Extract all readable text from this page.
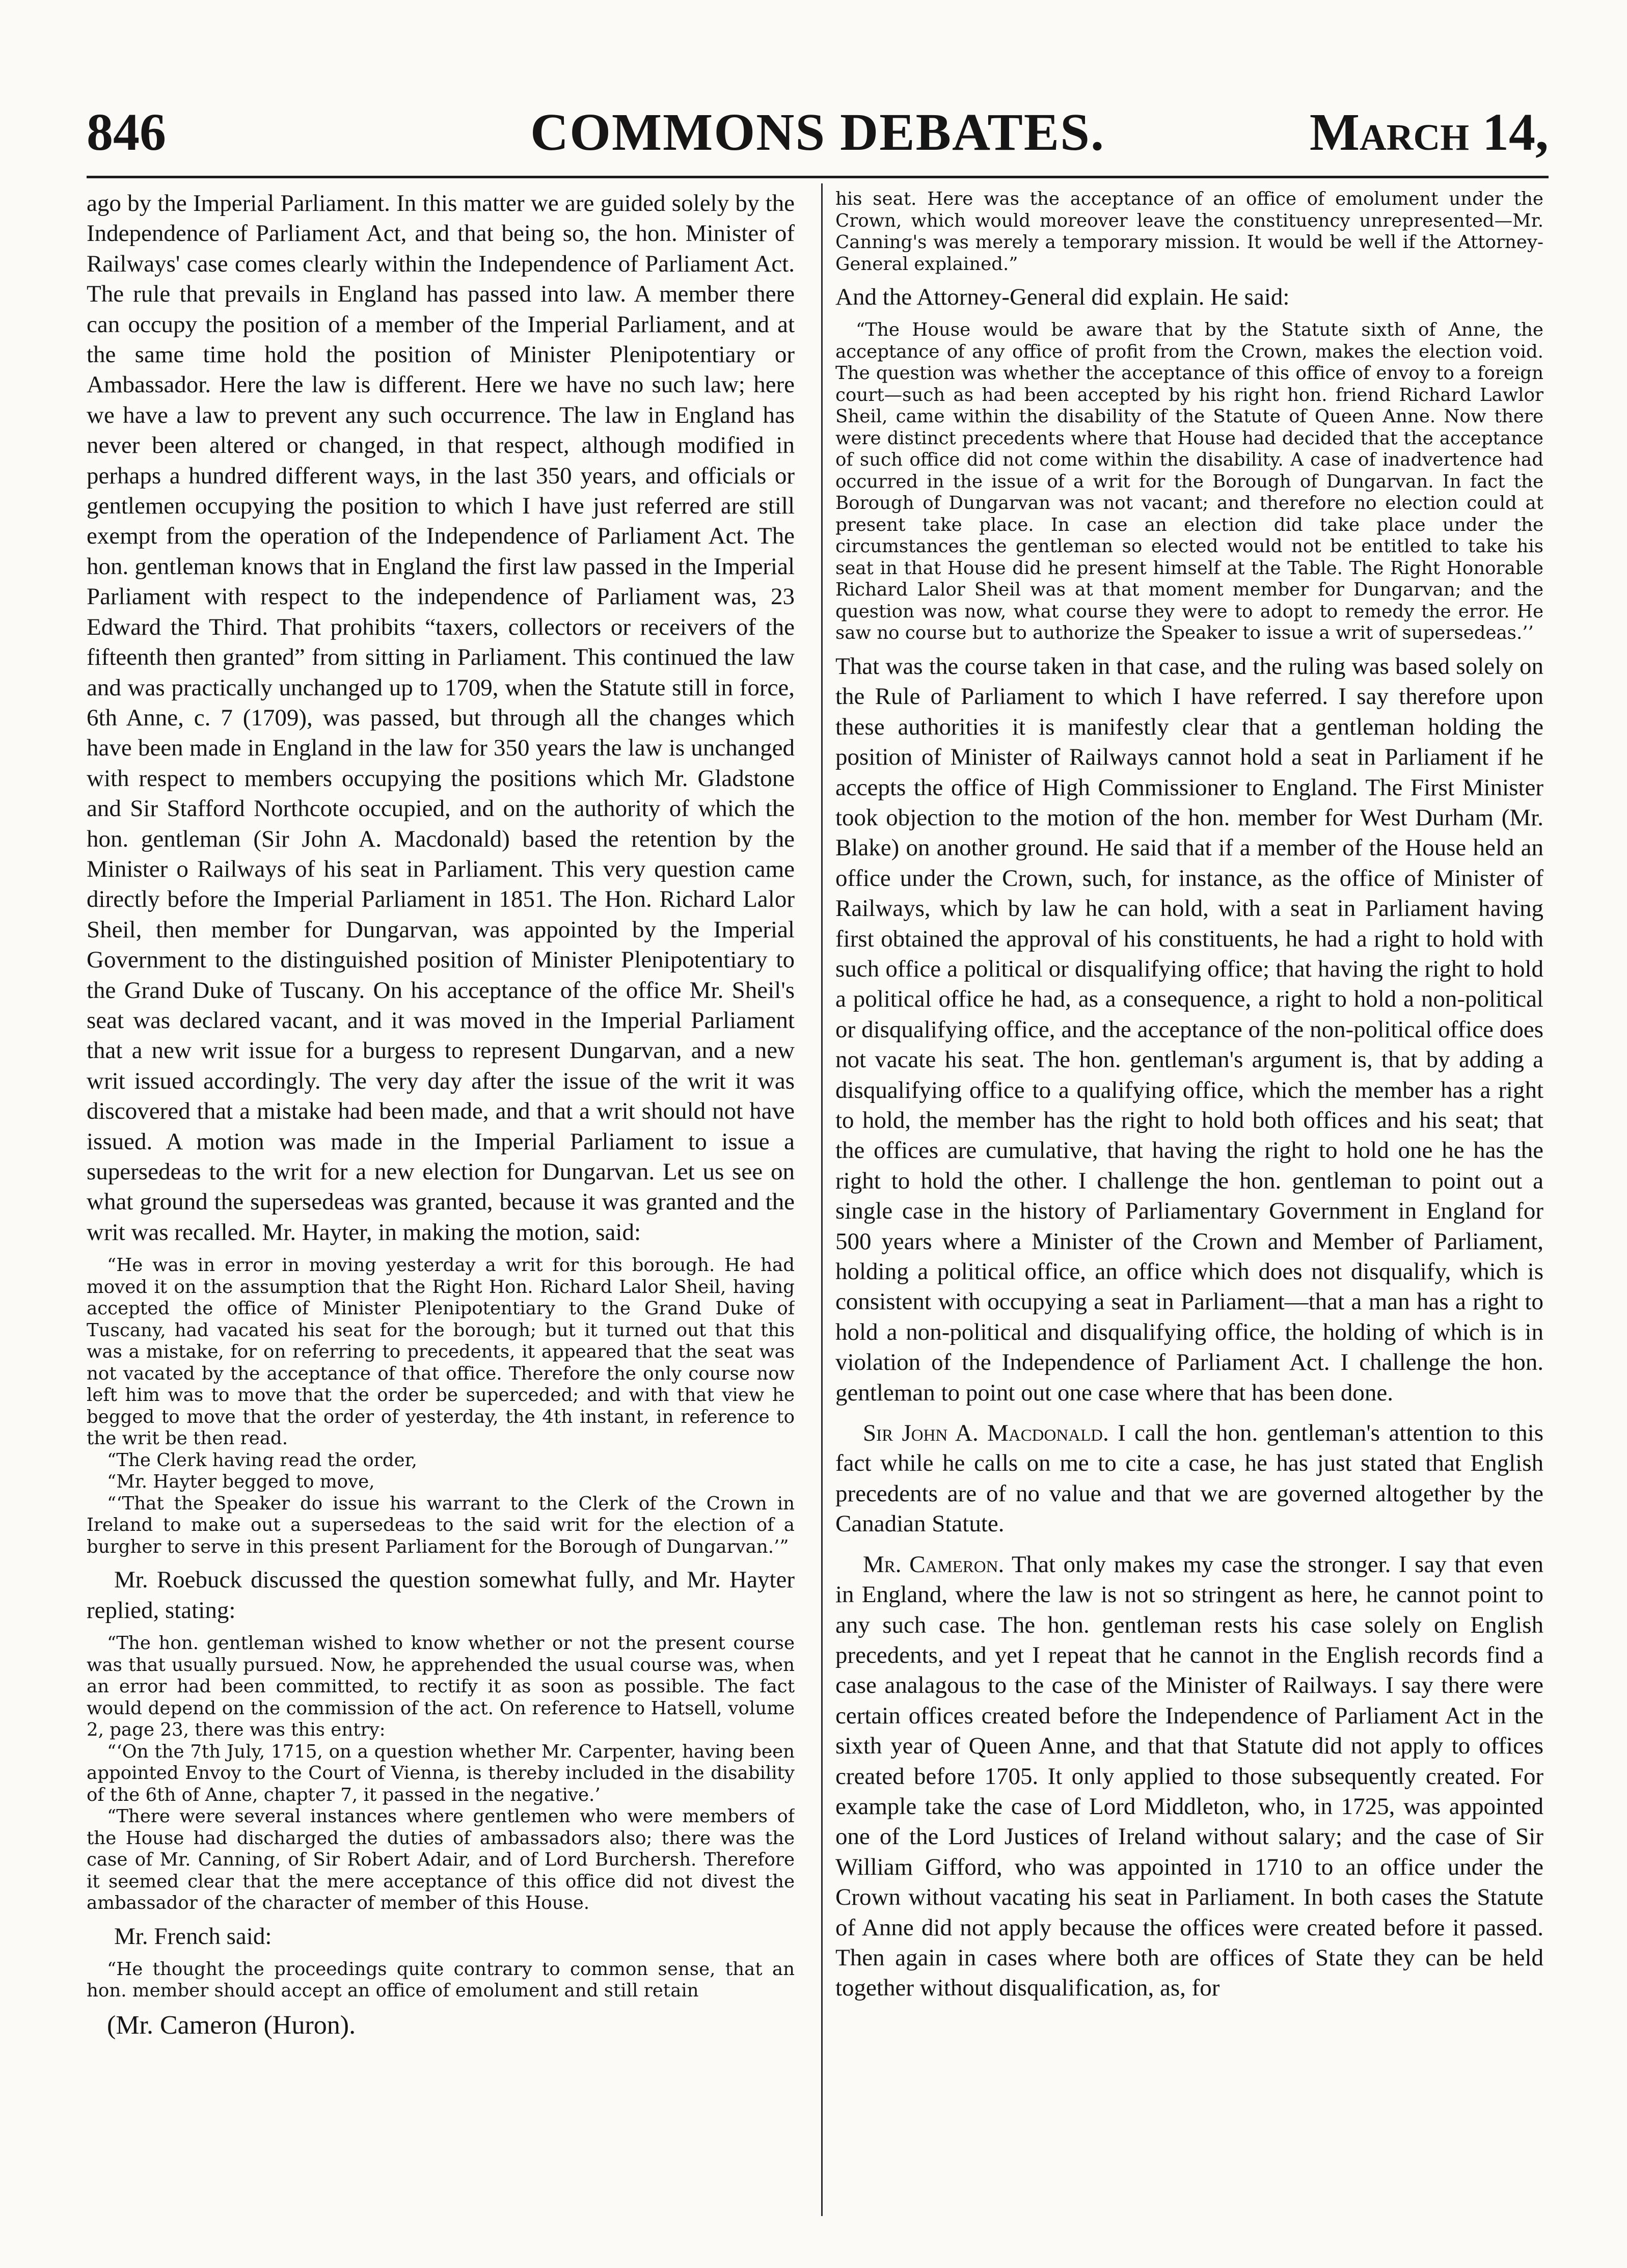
846	COMMONS DEBATES.	March 14,

ago by the Imperial Parliament. In this matter we are guided solely by the Independence of Parliament Act, and that being so, the hon. Minister of Railways' case comes clearly within the Independence of Parliament Act. The rule that prevails in England has passed into law. A member there can occupy the position of a member of the Imperial Parliament, and at the same time hold the position of Minister Plenipotentiary or Ambassador. Here the law is different. Here we have no such law; here we have a law to prevent any such occurrence. The law in England has never been altered or changed, in that respect, although modified in perhaps a hundred different ways, in the last 350 years, and officials or gentlemen occupying the position to which I have just referred are still exempt from the operation of the Independence of Parliament Act. The hon. gentleman knows that in England the first law passed in the Imperial Parliament with respect to the independence of Parliament was, 23 Edward the Third. That prohibits “taxers, collectors or receivers of the fifteenth then granted” from sitting in Parliament. This continued the law and was practically unchanged up to 1709, when the Statute still in force, 6th Anne, c. 7 (1709), was passed, but through all the changes which have been made in England in the law for 350 years the law is unchanged with respect to members occupying the positions which Mr. Gladstone and Sir Stafford Northcote occupied, and on the authority of which the hon. gentleman (Sir John A. Macdonald) based the retention by the Minister o Railways of his seat in Parliament. This very question came directly before the Imperial Parliament in 1851. The Hon. Richard Lalor Sheil, then member for Dungarvan, was appointed by the Imperial Government to the distinguished position of Minister Plenipotentiary to the Grand Duke of Tuscany. On his acceptance of the office Mr. Sheil's seat was declared vacant, and it was moved in the Imperial Parliament that a new writ issue for a burgess to represent Dungarvan, and a new writ issued accordingly. The very day after the issue of the writ it was discovered that a mistake had been made, and that a writ should not have issued. A motion was made in the Imperial Parliament to issue a supersedeas to the writ for a new election for Dungarvan. Let us see on what ground the supersedeas was granted, because it was granted and the writ was recalled. Mr. Hayter, in making the motion, said:

“He was in error in moving yesterday a writ for this borough. He had moved it on the assumption that the Right Hon. Richard Lalor Sheil, having accepted the office of Minister Plenipotentiary to the Grand Duke of Tuscany, had vacated his seat for the borough; but it turned out that this was a mistake, for on referring to precedents, it appeared that the seat was not vacated by the acceptance of that office. Therefore the only course now left him was to move that the order be superceded; and with that view he begged to move that the order of yesterday, the 4th instant, in reference to the writ be then read.
“The Clerk having read the order,
“Mr. Hayter begged to move,
“‘That the Speaker do issue his warrant to the Clerk of the Crown in Ireland to make out a supersedeas to the said writ for the election of a burgher to serve in this present Parliament for the Borough of Dungarvan.’”

Mr. Roebuck discussed the question somewhat fully, and Mr. Hayter replied, stating:

“The hon. gentleman wished to know whether or not the present course was that usually pursued. Now, he apprehended the usual course was, when an error had been committed, to rectify it as soon as possible. The fact would depend on the commission of the act. On reference to Hatsell, volume 2, page 23, there was this entry:
“‘On the 7th July, 1715, on a question whether Mr. Carpenter, having been appointed Envoy to the Court of Vienna, is thereby included in the disability of the 6th of Anne, chapter 7, it passed in the negative.’
“There were several instances where gentlemen who were members of the House had discharged the duties of ambassadors also; there was the case of Mr. Canning, of Sir Robert Adair, and of Lord Burchersh. Therefore it seemed clear that the mere acceptance of this office did not divest the ambassador of the character of member of this House.

Mr. French said:

“He thought the proceedings quite contrary to common sense, that an hon. member should accept an office of emolument and still retain
(Mr. Cameron (Huron).
his seat. Here was the acceptance of an office of emolument under the Crown, which would moreover leave the constituency unrepresented—Mr. Canning's was merely a temporary mission. It would be well if the Attorney-General explained.”

And the Attorney-General did explain. He said:

“The House would be aware that by the Statute sixth of Anne, the acceptance of any office of profit from the Crown, makes the election void. The question was whether the acceptance of this office of envoy to a foreign court—such as had been accepted by his right hon. friend Richard Lawlor Sheil, came within the disability of the Statute of Queen Anne. Now there were distinct precedents where that House had decided that the acceptance of such office did not come within the disability. A case of inadvertence had occurred in the issue of a writ for the Borough of Dungarvan. In fact the Borough of Dungarvan was not vacant; and therefore no election could at present take place. In case an election did take place under the circumstances the gentleman so elected would not be entitled to take his seat in that House did he present himself at the Table. The Right Honorable Richard Lalor Sheil was at that moment member for Dungarvan; and the question was now, what course they were to adopt to remedy the error. He saw no course but to authorize the Speaker to issue a writ of supersedeas.’’

That was the course taken in that case, and the ruling was based solely on the Rule of Parliament to which I have referred. I say therefore upon these authorities it is manifestly clear that a gentleman holding the position of Minister of Railways cannot hold a seat in Parliament if he accepts the office of High Commissioner to England. The First Minister took objection to the motion of the hon. member for West Durham (Mr. Blake) on another ground. He said that if a member of the House held an office under the Crown, such, for instance, as the office of Minister of Railways, which by law he can hold, with a seat in Parliament having first obtained the approval of his constituents, he had a right to hold with such office a political or disqualifying office; that having the right to hold a political office he had, as a consequence, a right to hold a non-political or disqualifying office, and the acceptance of the non-political office does not vacate his seat. The hon. gentleman's argument is, that by adding a disqualifying office to a qualifying office, which the member has a right to hold, the member has the right to hold both offices and his seat; that the offices are cumulative, that having the right to hold one he has the right to hold the other. I challenge the hon. gentleman to point out a single case in the history of Parliamentary Government in England for 500 years where a Minister of the Crown and Member of Parliament, holding a political office, an office which does not disqualify, which is consistent with occupying a seat in Parliament—that a man has a right to hold a non-political and disqualifying office, the holding of which is in violation of the Independence of Parliament Act. I challenge the hon. gentleman to point out one case where that has been done.

Sir John A. Macdonald. I call the hon. gentleman's attention to this fact while he calls on me to cite a case, he has just stated that English precedents are of no value and that we are governed altogether by the Canadian Statute.

Mr. Cameron. That only makes my case the stronger. I say that even in England, where the law is not so stringent as here, he cannot point to any such case. The hon. gentleman rests his case solely on English precedents, and yet I repeat that he cannot in the English records find a case analagous to the case of the Minister of Railways. I say there were certain offices created before the Independence of Parliament Act in the sixth year of Queen Anne, and that that Statute did not apply to offices created before 1705. It only applied to those subsequently created. For example take the case of Lord Middleton, who, in 1725, was appointed one of the Lord Justices of Ireland without salary; and the case of Sir William Gifford, who was appointed in 1710 to an office under the Crown without vacating his seat in Parliament. In both cases the Statute of Anne did not apply because the offices were created before it passed. Then again in cases where both are offices of State they can be held together without disqualification, as, for
